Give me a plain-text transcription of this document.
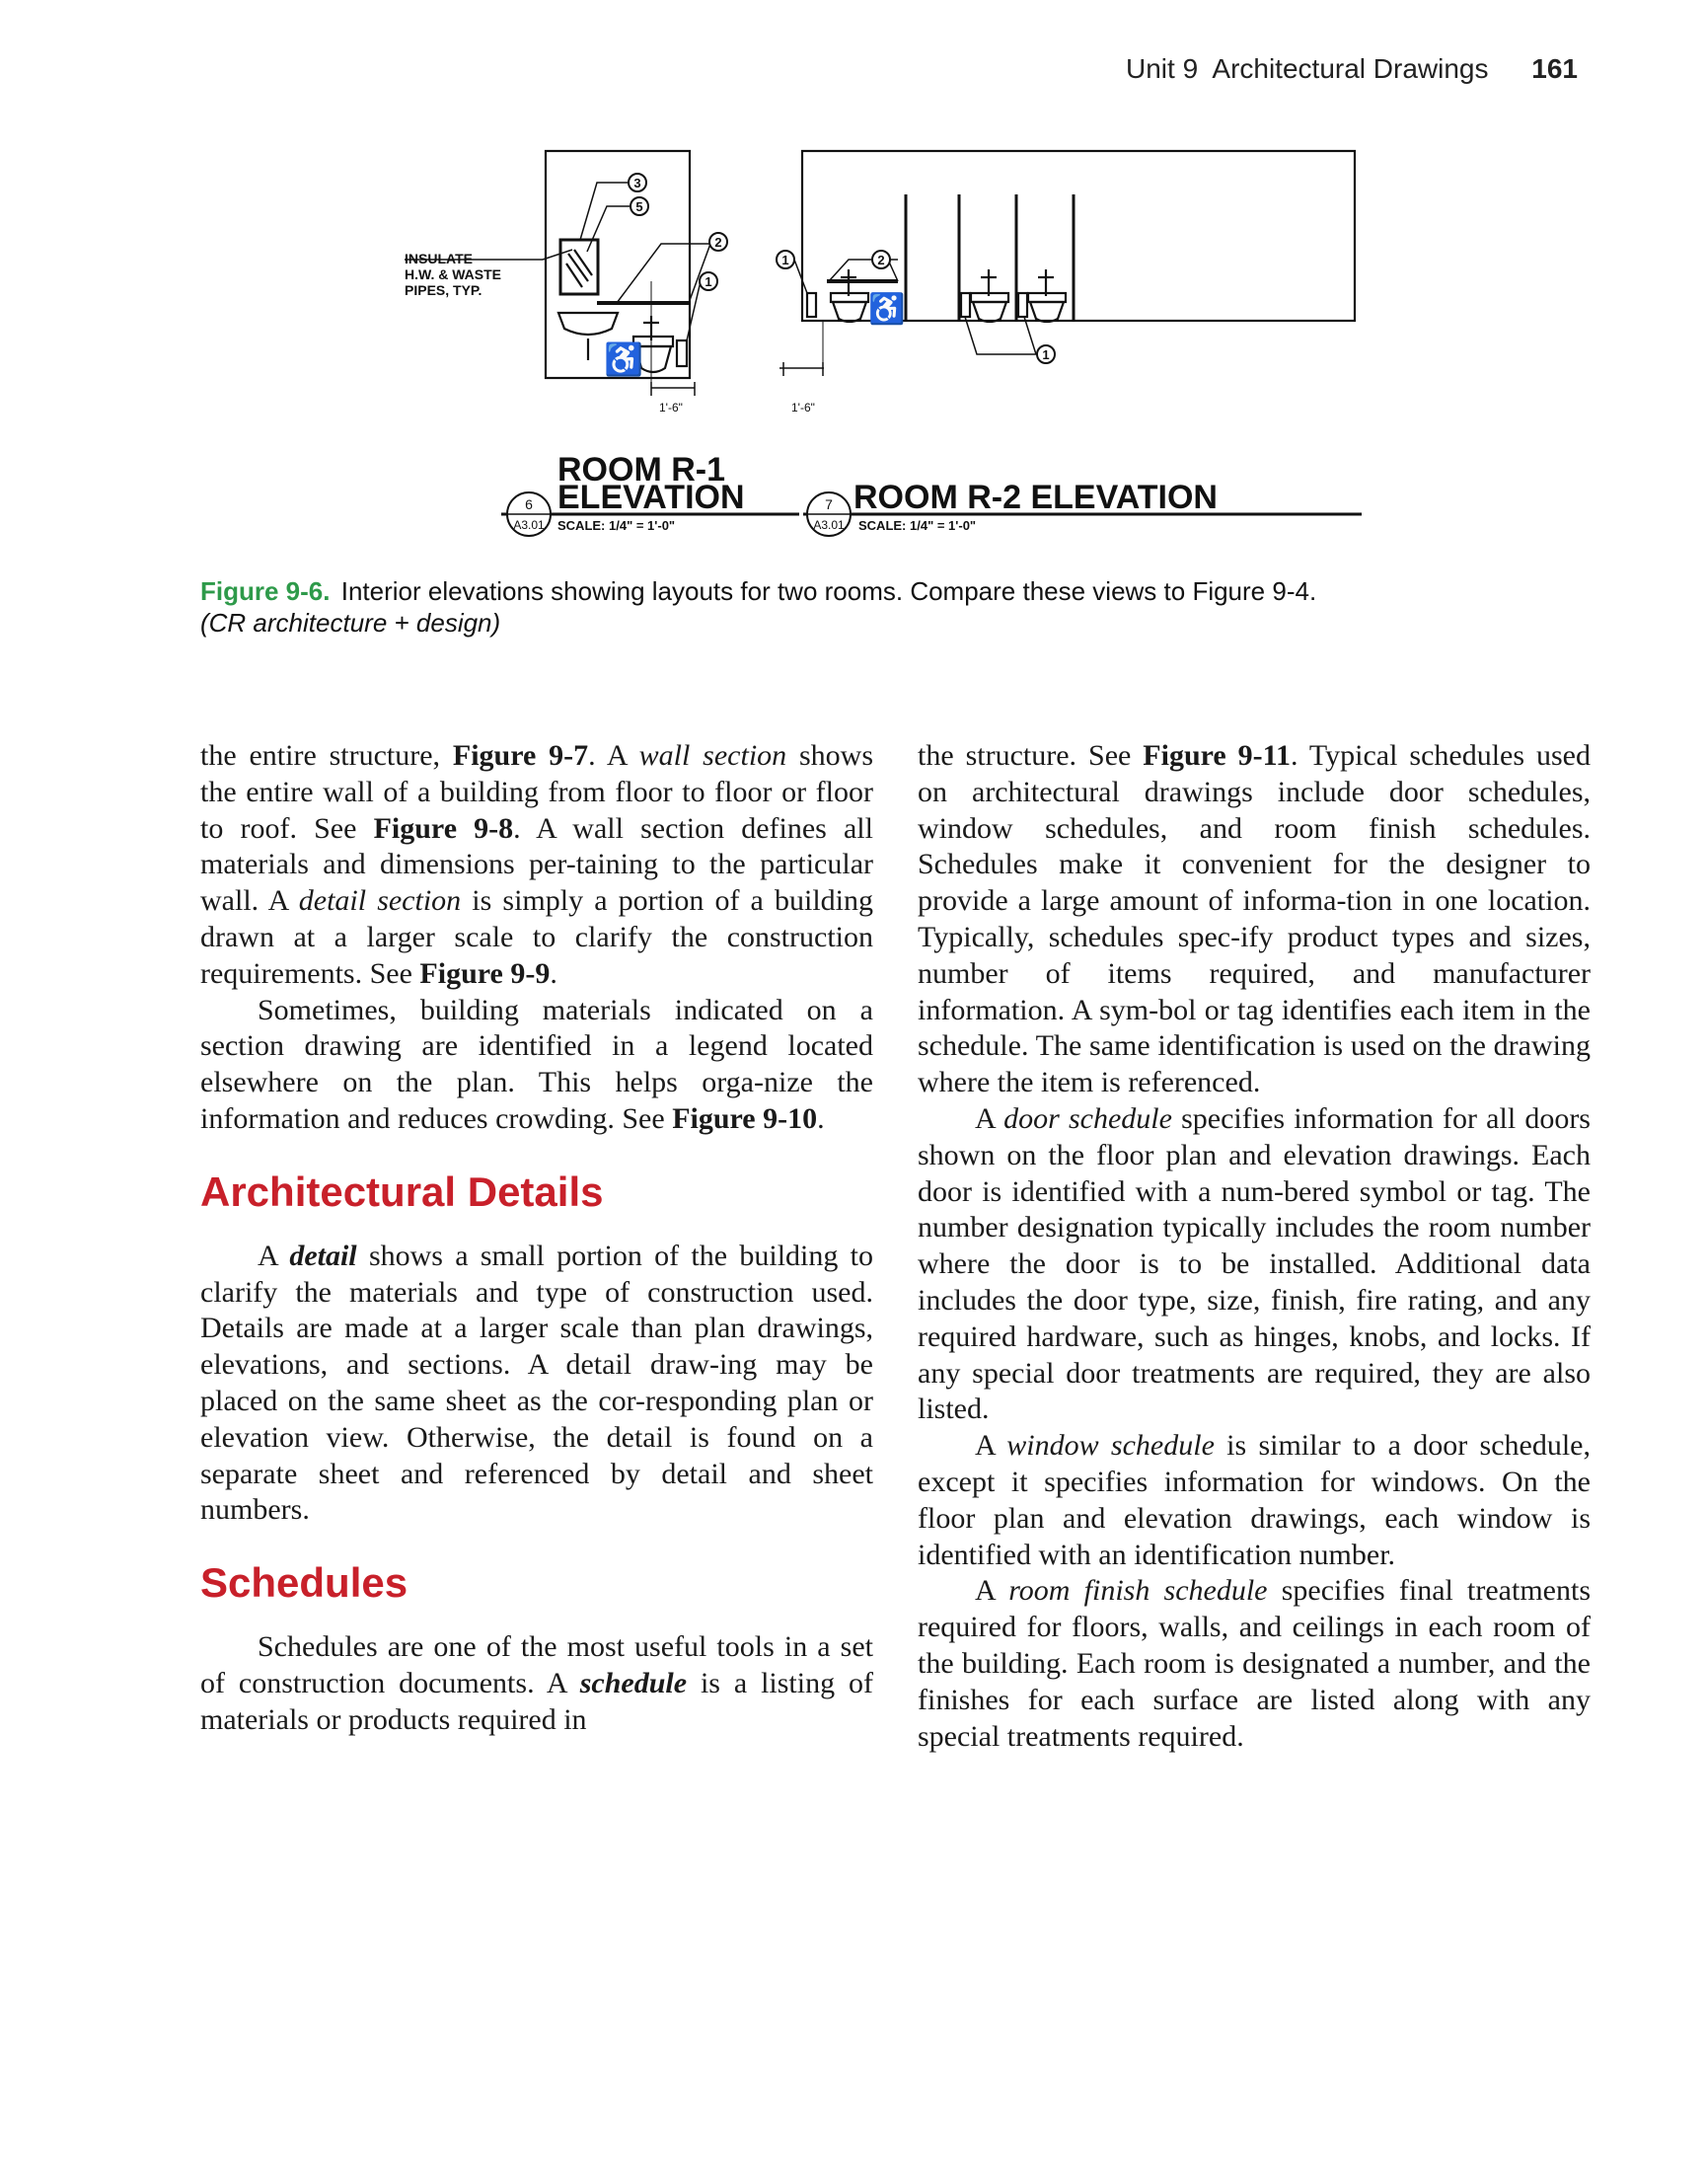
Unit 9 Architectural Drawings 161
♿
♿
3
5
2
1
1	2
1
INSULATE
H.W. & WASTE
PIPES, TYP.
1'-6"	1'-6"
ROOM R-1
ELEVATION
6
A3.01 SCALE: 1/4" = 1'-0"
ROOM R-2 ELEVATION
7
A3.01 SCALE: 1/4" = 1'-0"
Figure 9-6. Interior elevations showing layouts for two rooms. Compare these views to Figure 9-4.
(CR architecture + design)

the entire structure, Figure 9-7. A wall section shows the entire wall of a building from floor to floor or floor to roof. See Figure 9-8. A wall section defines all materials and dimensions per-taining to the particular wall. A detail section is simply a portion of a building drawn at a larger scale to clarify the construction requirements. See Figure 9-9.

Sometimes, building materials indicated on a section drawing are identified in a legend located elsewhere on the plan. This helps orga-nize the information and reduces crowding. See Figure 9-10.

Architectural Details

A detail shows a small portion of the building to clarify the materials and type of construction used. Details are made at a larger scale than plan drawings, elevations, and sections. A detail draw-ing may be placed on the same sheet as the cor-responding plan or elevation view. Otherwise, the detail is found on a separate sheet and referenced by detail and sheet numbers.

Schedules

Schedules are one of the most useful tools in a set of construction documents. A schedule is a listing of materials or products required in

the structure. See Figure 9-11. Typical schedules used on architectural drawings include door schedules, window schedules, and room finish schedules. Schedules make it convenient for the designer to provide a large amount of informa-tion in one location. Typically, schedules spec-ify product types and sizes, number of items required, and manufacturer information. A sym-bol or tag identifies each item in the schedule. The same identification is used on the drawing where the item is referenced.

A door schedule specifies information for all doors shown on the floor plan and elevation drawings. Each door is identified with a num-bered symbol or tag. The number designation typically includes the room number where the door is to be installed. Additional data includes the door type, size, finish, fire rating, and any required hardware, such as hinges, knobs, and locks. If any special door treatments are required, they are also listed.

A window schedule is similar to a door schedule, except it specifies information for windows. On the floor plan and elevation drawings, each window is identified with an identification number.

A room finish schedule specifies final treatments required for floors, walls, and ceilings in each room of the building. Each room is designated a number, and the finishes for each surface are listed along with any special treatments required.
